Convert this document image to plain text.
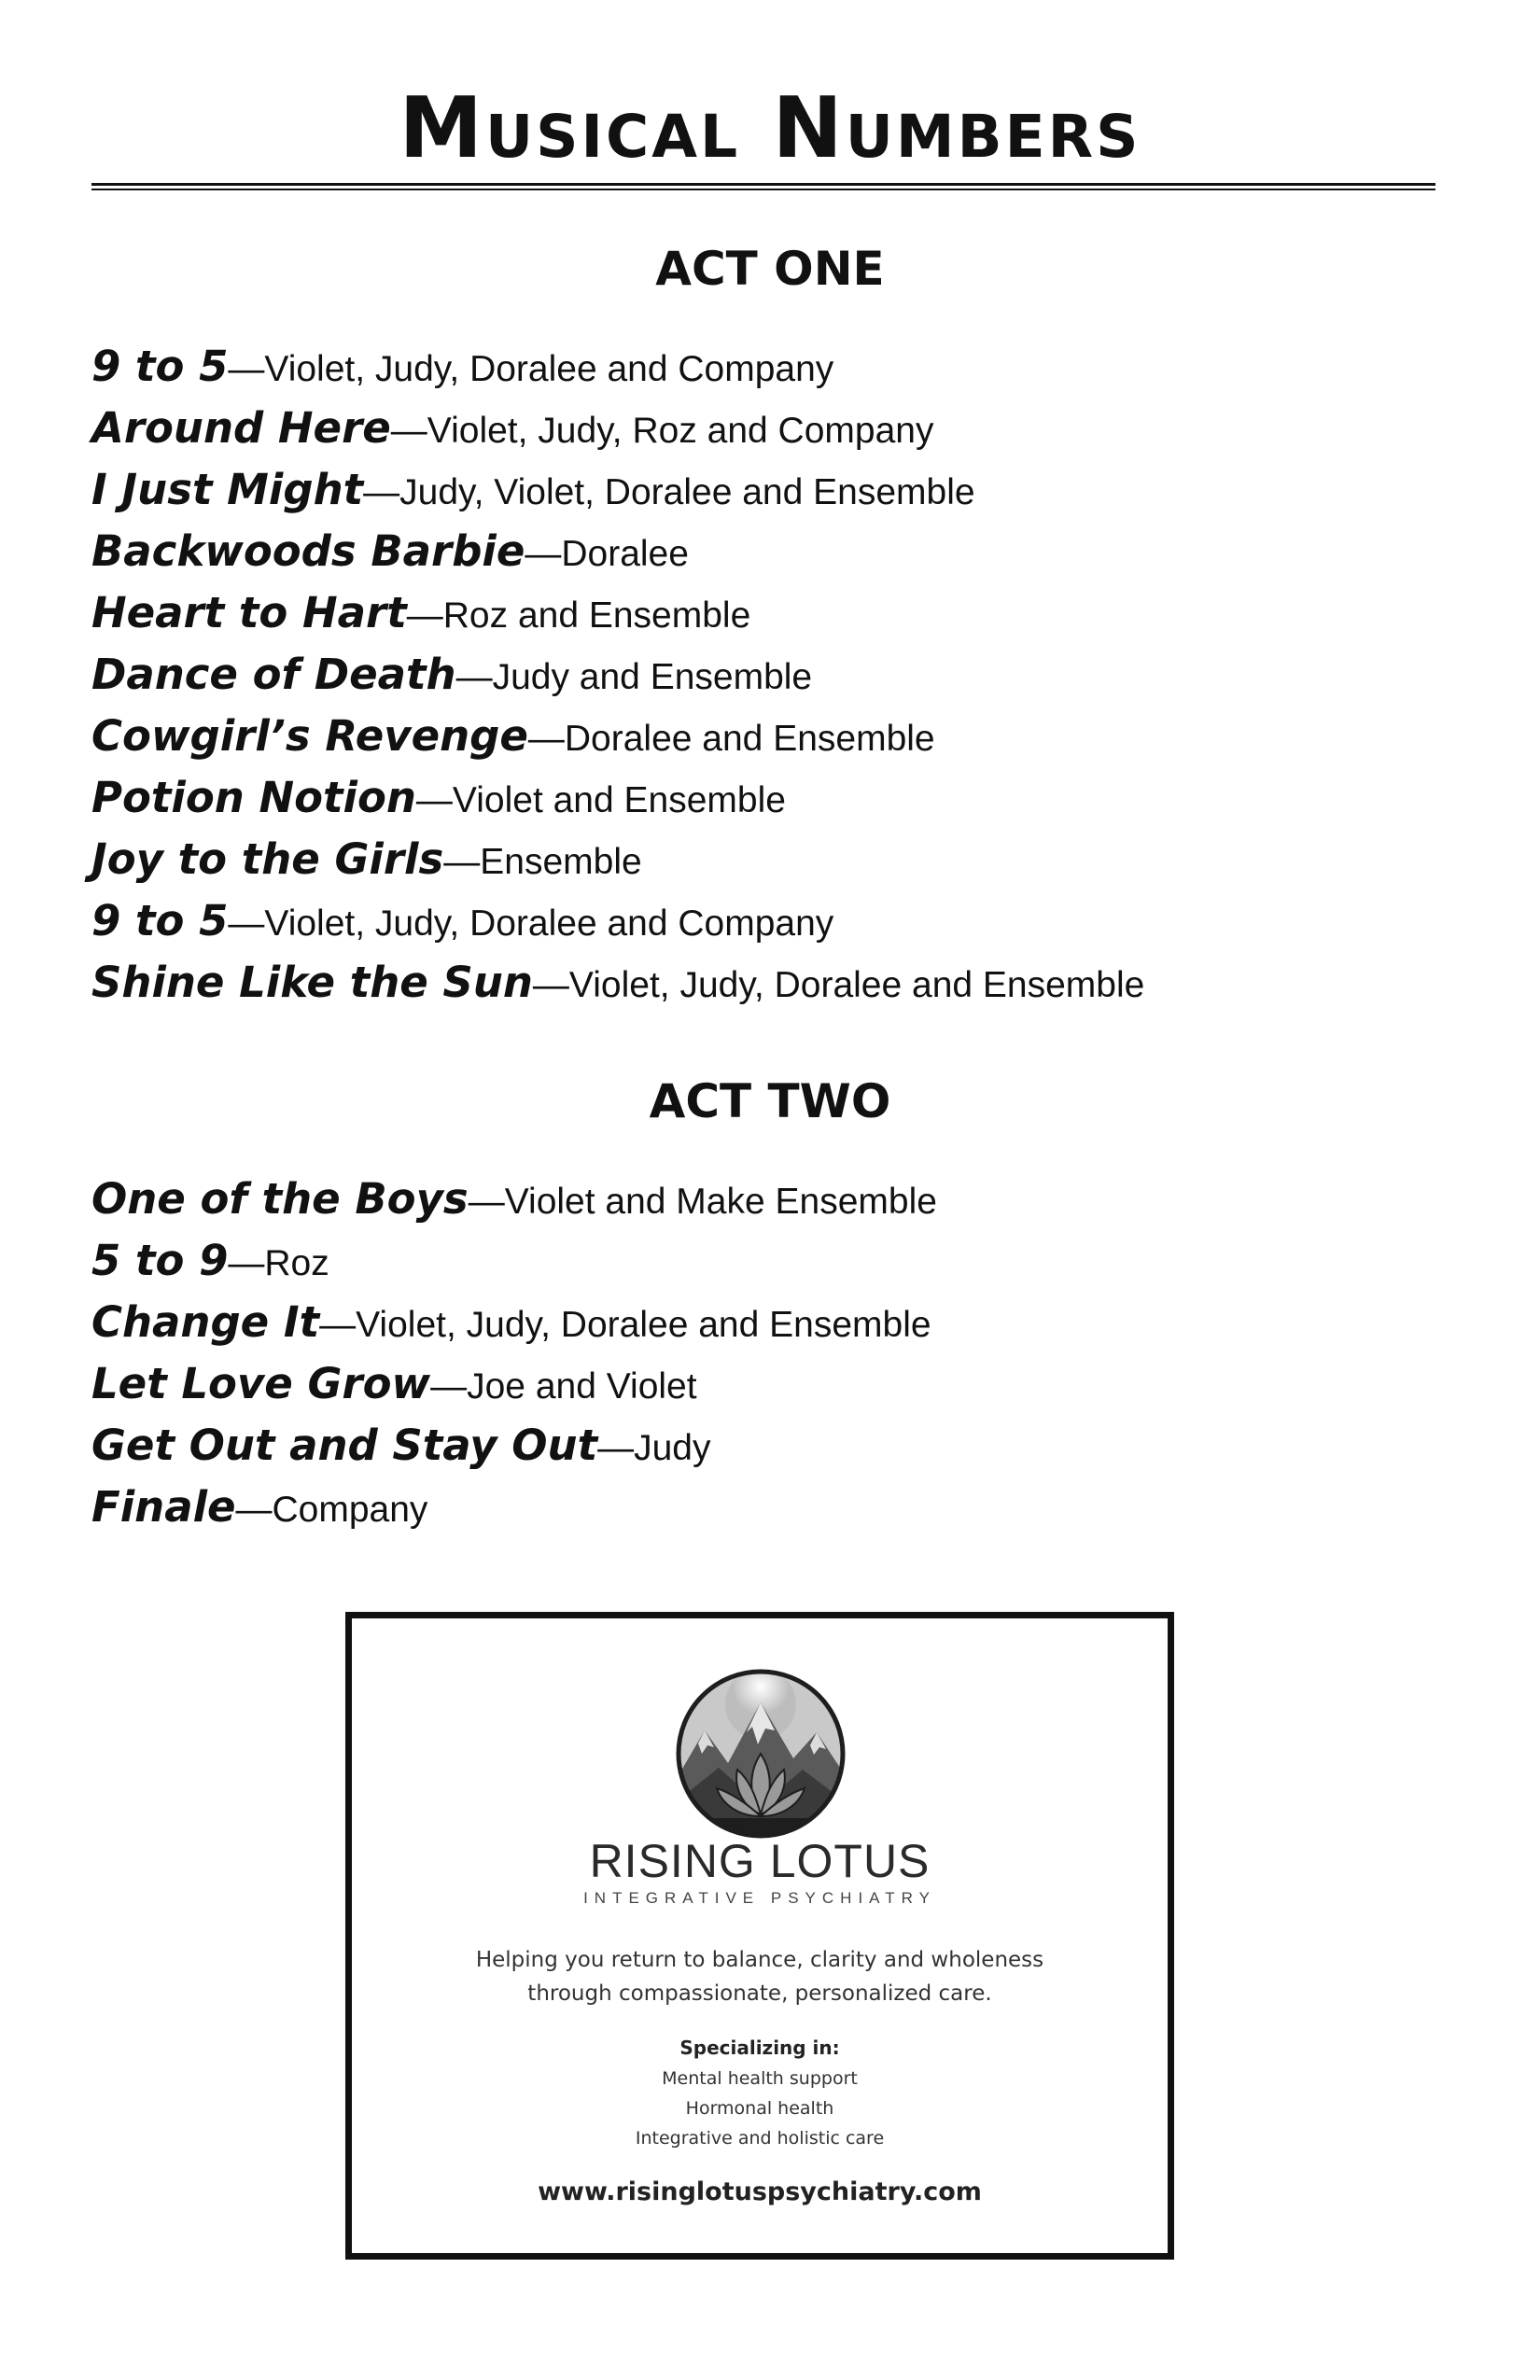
Musical Numbers
ACT ONE
9 to 5—Violet, Judy, Doralee and Company
Around Here—Violet, Judy, Roz and Company
I Just Might—Judy, Violet, Doralee and Ensemble
Backwoods Barbie—Doralee
Heart to Hart—Roz and Ensemble
Dance of Death—Judy and Ensemble
Cowgirl’s Revenge—Doralee and Ensemble
Potion Notion—Violet and Ensemble
Joy to the Girls—Ensemble
9 to 5—Violet, Judy, Doralee and Company
Shine Like the Sun—Violet, Judy, Doralee and Ensemble
ACT TWO
One of the Boys—Violet and Make Ensemble
5 to 9—Roz
Change It—Violet, Judy, Doralee and Ensemble
Let Love Grow—Joe and Violet
Get Out and Stay Out—Judy
Finale—Company
RISING LOTUS
INTEGRATIVE PSYCHIATRY
Helping you return to balance, clarity and wholeness
through compassionate, personalized care.
Specializing in:
Mental health support
Hormonal health
Integrative and holistic care
www.risinglotuspsychiatry.com
